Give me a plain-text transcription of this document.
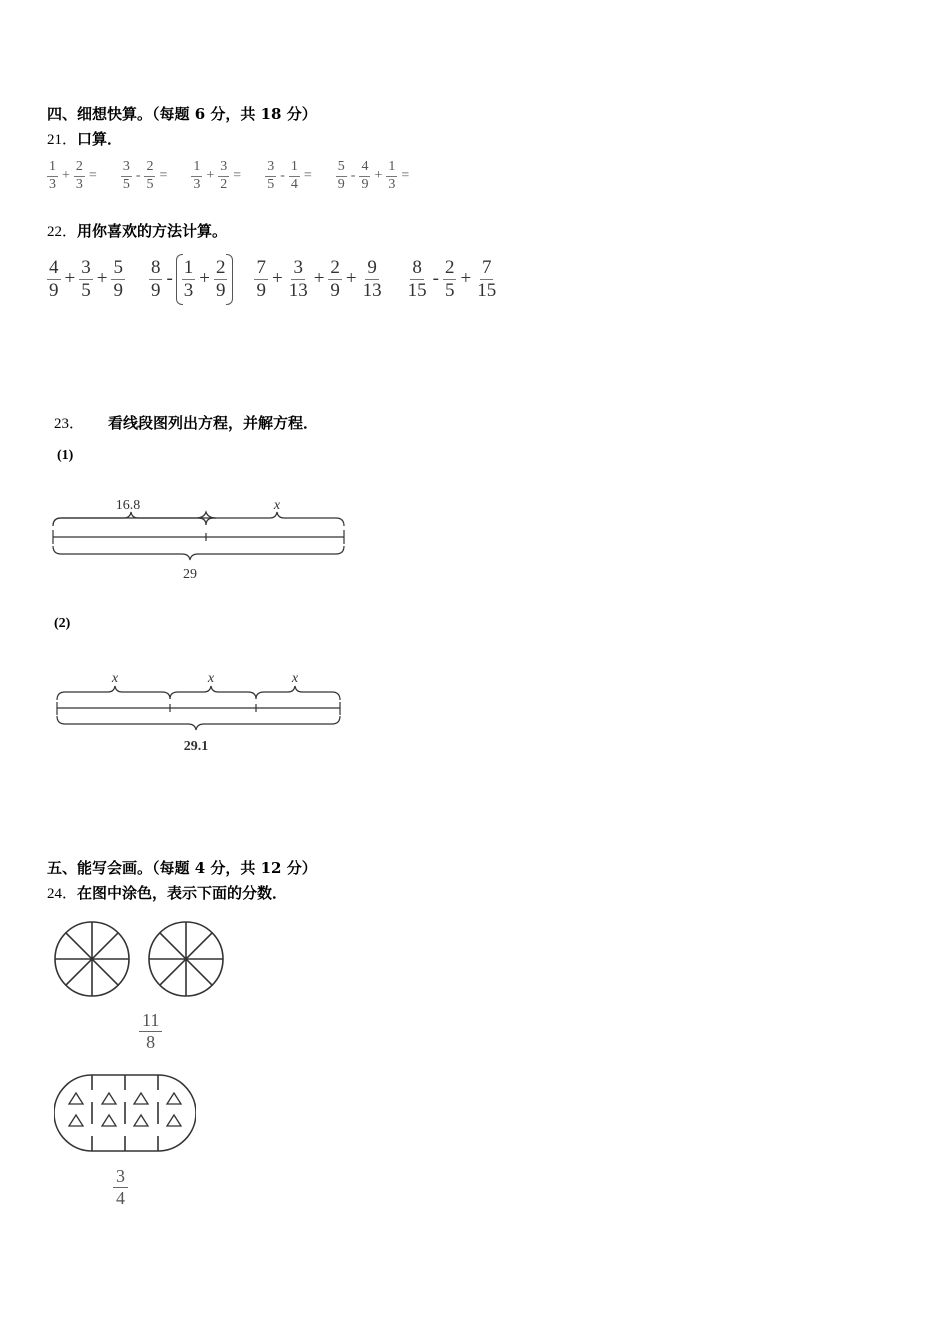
四、细想快算。（每题 6 分，共 18 分）
21．口算．
$\frac{1}{3} + \frac{2}{3} = \frac{3}{5} - \frac{2}{5} = \frac{1}{3} + \frac{3}{2} = \frac{3}{5} - \frac{1}{4} = \frac{5}{9} - \frac{4}{9} + \frac{1}{3}$ =
22．用你喜欢的方法计算。
$\frac{4}{9} + \frac{3}{5} + \frac{5}{9} \frac{8}{9} - \frac{1}{3} + \frac{2}{9} \frac{7}{9} + \frac{3}{13} + \frac{2}{9} + \frac{9}{13} \frac{8}{15} - \frac{2}{5} + \frac{7}{15}$
23． 看线段图列出方程，并解方程．
(1)
16.8	x
29
(2)
x	x	x
29.1
五、能写会画。（每题 4 分，共 12 分）
24．在图中涂色，表示下面的分数．
$\frac{11}{8}$
$\frac{3}{4}$
